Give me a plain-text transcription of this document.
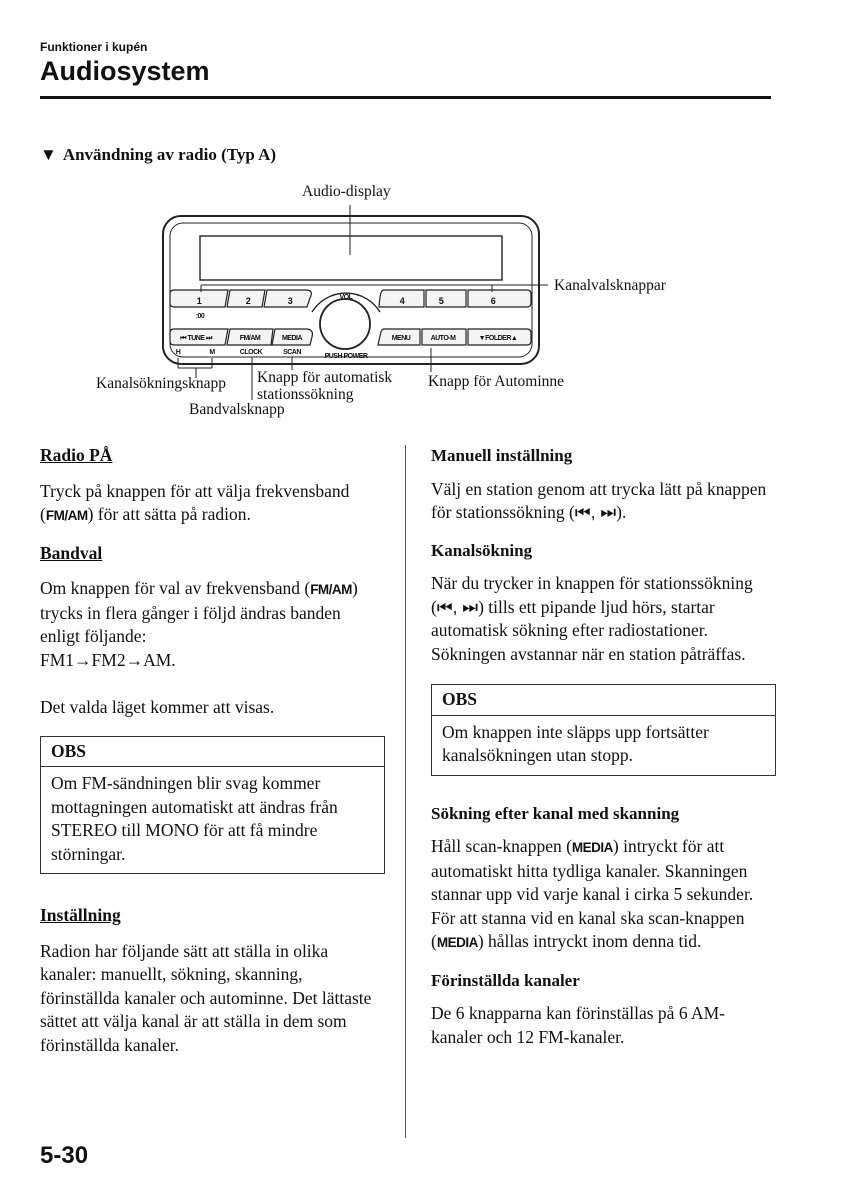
Funktioner i kupén
Audiosystem
▼ Användning av radio (Typ A)
1	2	3	4	5	6
:00
VOL
⏮ TUNE ⏭	FM/AM	MEDIA	MENU	AUTO-M	▼FOLDER▲
H	M	CLOCK	SCAN
PUSH POWER
Audio-display
Kanalvalsknappar
Kanalsökningsknapp Knapp för automatisk
stationssökning
Bandvalsknapp
Knapp för Autominne
Radio PÅ

Tryck på knappen för att välja frekvensband (FM/AM) för att sätta på radion.

Bandval

Om knappen för val av frekvensband (FM/AM) trycks in flera gånger i följd ändras banden enligt följande:
FM1→FM2→AM.

Det valda läget kommer att visas.

OBS
Om FM-sändningen blir svag kommer mottagningen automatiskt att ändras från STEREO till MONO för att få mindre störningar.
Inställning

Radion har följande sätt att ställa in olika kanaler: manuellt, sökning, skanning, förinställda kanaler och autominne. Det lättaste sättet att välja kanal är att ställa in dem som förinställda kanaler.

Manuell inställning

Välj en station genom att trycka lätt på knappen för stationssökning (⏮, ⏭).

Kanalsökning

När du trycker in knappen för stationssökning (⏮, ⏭) tills ett pipande ljud hörs, startar automatisk sökning efter radiostationer. Sökningen avstannar när en station påträffas.

OBS
Om knappen inte släpps upp fortsätter kanalsökningen utan stopp.
Sökning efter kanal med skanning

Håll scan-knappen (MEDIA) intryckt för att automatiskt hitta tydliga kanaler. Skanningen stannar upp vid varje kanal i cirka 5 sekunder. För att stanna vid en kanal ska scan-knappen (MEDIA) hållas intryckt inom denna tid.

Förinställda kanaler

De 6 knapparna kan förinställas på 6 AM-kanaler och 12 FM-kanaler.

5-30
